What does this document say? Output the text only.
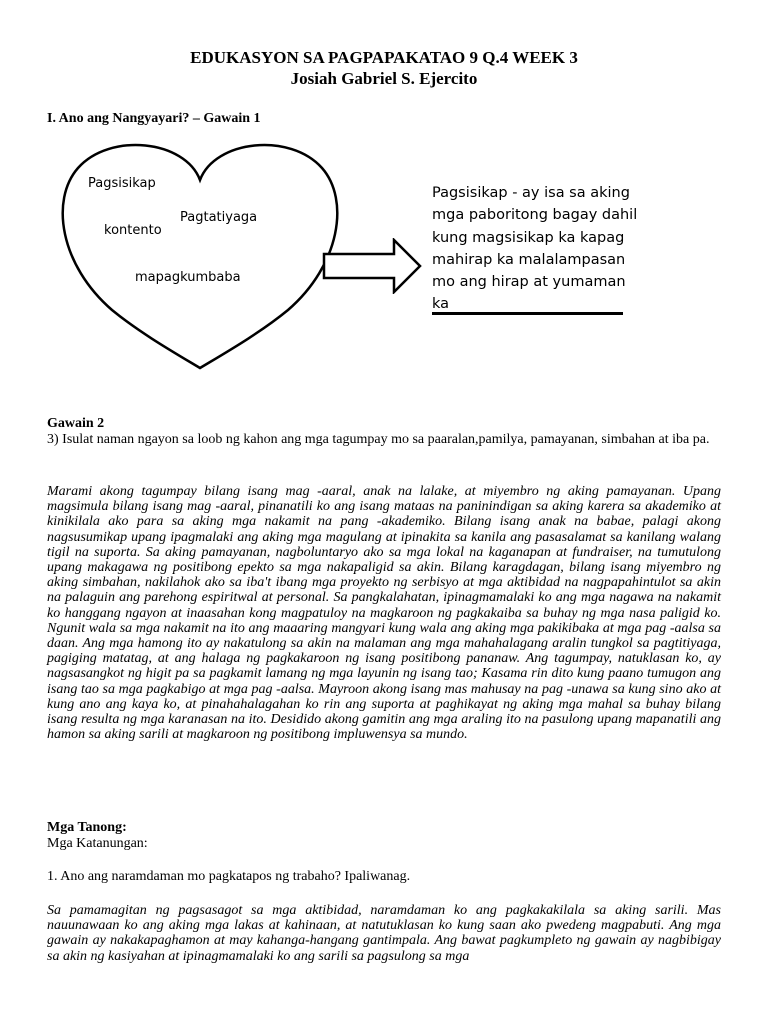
EDUKASYON SA PAGPAPAKATAO 9 Q.4 WEEK 3
Josiah Gabriel S. Ejercito
I. Ano ang Nangyayari? – Gawain 1
Pagsisikap
Pagtatiyaga
kontento
mapagkumbaba
Pagsisikap - ay isa sa aking mga paboritong bagay dahil kung magsisikap ka kapag mahirap ka malalampasan mo ang hirap at yumaman ka
Gawain 2
3) Isulat naman ngayon sa loob ng kahon ang mga tagumpay mo sa paaralan,pamilya, pamayanan, simbahan at iba pa.

Marami akong tagumpay bilang isang mag -aaral, anak na lalake, at miyembro ng aking pamayanan. Upang magsimula bilang isang mag -aaral, pinanatili ko ang isang mataas na paninindigan sa aking karera sa akademiko at kinikilala ako para sa aking mga nakamit na pang -akademiko. Bilang isang anak na babae, palagi akong nagsusumikap upang ipagmalaki ang aking mga magulang at ipinakita sa kanila ang pasasalamat sa kanilang walang tigil na suporta. Sa aking pamayanan, nagboluntaryo ako sa mga lokal na kaganapan at fundraiser, na tumutulong upang makagawa ng positibong epekto sa mga nakapaligid sa akin. Bilang karagdagan, bilang isang miyembro ng aking simbahan, nakilahok ako sa iba't ibang mga proyekto ng serbisyo at mga aktibidad na nagpapahintulot sa akin na palaguin ang parehong espiritwal at personal. Sa pangkalahatan, ipinagmamalaki ko ang mga nagawa na nakamit ko hanggang ngayon at inaasahan kong magpatuloy na magkaroon ng pagkakaiba sa buhay ng mga nasa paligid ko. Ngunit wala sa mga nakamit na ito ang maaaring mangyari kung wala ang aking mga pakikibaka at mga pag -aalsa sa daan. Ang mga hamong ito ay nakatulong sa akin na malaman ang mga mahahalagang aralin tungkol sa pagtitiyaga, pagiging matatag, at ang halaga ng pagkakaroon ng isang positibong pananaw. Ang tagumpay, natuklasan ko, ay nagsasangkot ng higit pa sa pagkamit lamang ng mga layunin ng isang tao; Kasama rin dito kung paano tumugon ang isang tao sa mga pagkabigo at mga pag -aalsa. Mayroon akong isang mas mahusay na pag -unawa sa kung sino ako at kung ano ang kaya ko, at pinahahalagahan ko rin ang suporta at paghikayat ng aking mga mahal sa buhay bilang isang resulta ng mga karanasan na ito. Desidido akong gamitin ang mga araling ito na pasulong upang mapanatili ang hamon sa aking sarili at magkaroon ng positibong impluwensya sa mundo.

Mga Tanong:
Mga Katanungan:
1. Ano ang naramdaman mo pagkatapos ng trabaho? Ipaliwanag.

Sa pamamagitan ng pagsasagot sa mga aktibidad, naramdaman ko ang pagkakakilala sa aking sarili. Mas nauunawaan ko ang aking mga lakas at kahinaan, at natutuklasan ko kung saan ako pwedeng magpabuti. Ang mga gawain ay nakakapaghamon at may kahanga-hangang gantimpala. Ang bawat pagkumpleto ng gawain ay nagbibigay sa akin ng kasiyahan at ipinagmamalaki ko ang sarili sa pagsulong sa mga
